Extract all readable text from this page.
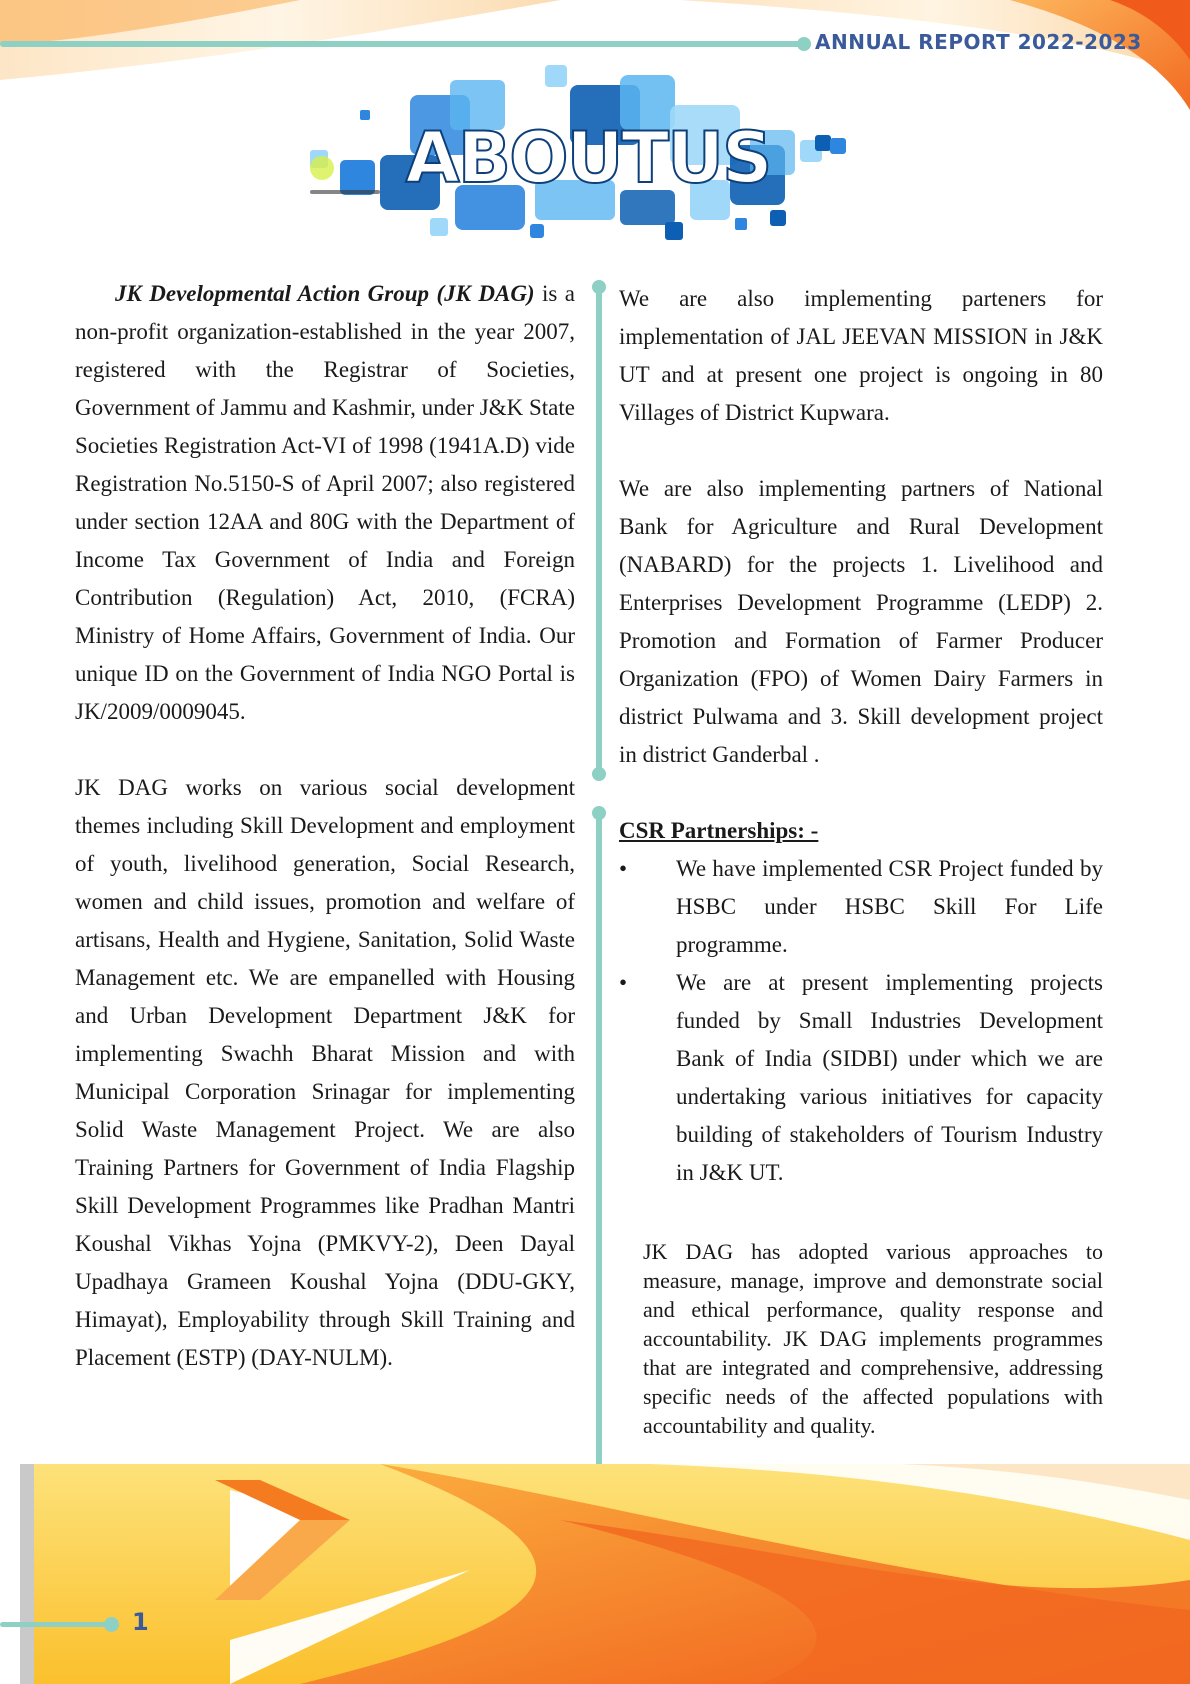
ANNUAL REPORT 2022-2023
ABOUTUS

JK Developmental Action Group (JK DAG) is a non-profit organization-established in the year 2007, registered with the Registrar of Societies, Government of Jammu and Kashmir, under J&K State Societies Registration Act-VI of 1998 (1941A.D) vide Registration No.5150-S of April 2007; also registered under section 12AA and 80G with the Department of Income Tax Government of India and Foreign Contribution (Regulation) Act, 2010, (FCRA) Ministry of Home Affairs, Government of India. Our unique ID on the Government of India NGO Portal is JK/2009/0009045.

JK DAG works on various social development themes including Skill Development and employment of youth, livelihood generation, Social Research, women and child issues, promotion and welfare of artisans, Health and Hygiene, Sanitation, Solid Waste Management etc. We are empanelled with Housing and Urban Development Department J&K for implementing Swachh Bharat Mission and with Municipal Corporation Srinagar for implementing Solid Waste Management Project. We are also Training Partners for Government of India Flagship Skill Development Programmes like Pradhan Mantri Koushal Vikhas Yojna (PMKVY-2), Deen Dayal Upadhaya Grameen Koushal Yojna (DDU-GKY, Himayat), Employability through Skill Training and Placement (ESTP) (DAY-NULM).

We are also implementing parteners for implementation of JAL JEEVAN MISSION in J&K UT and at present one project is ongoing in 80 Villages of District Kupwara.

We are also implementing partners of National Bank for Agriculture and Rural Development (NABARD) for the projects 1. Livelihood and Enterprises Development Programme (LEDP) 2. Promotion and Formation of Farmer Producer Organization (FPO) of Women Dairy Farmers in district Pulwama and 3. Skill development project in district Ganderbal .

CSR Partnerships: -

• We have implemented CSR Project funded by HSBC under HSBC Skill For Life programme.
• We are at present implementing projects funded by Small Industries Development Bank of India (SIDBI) under which we are undertaking various initiatives for capacity building of stakeholders of Tourism Industry in J&K UT.

JK DAG has adopted various approaches to measure, manage, improve and demonstrate social and ethical performance, quality response and accountability. JK DAG implements programmes that are integrated and comprehensive, addressing specific needs of the affected populations with accountability and quality.

1
